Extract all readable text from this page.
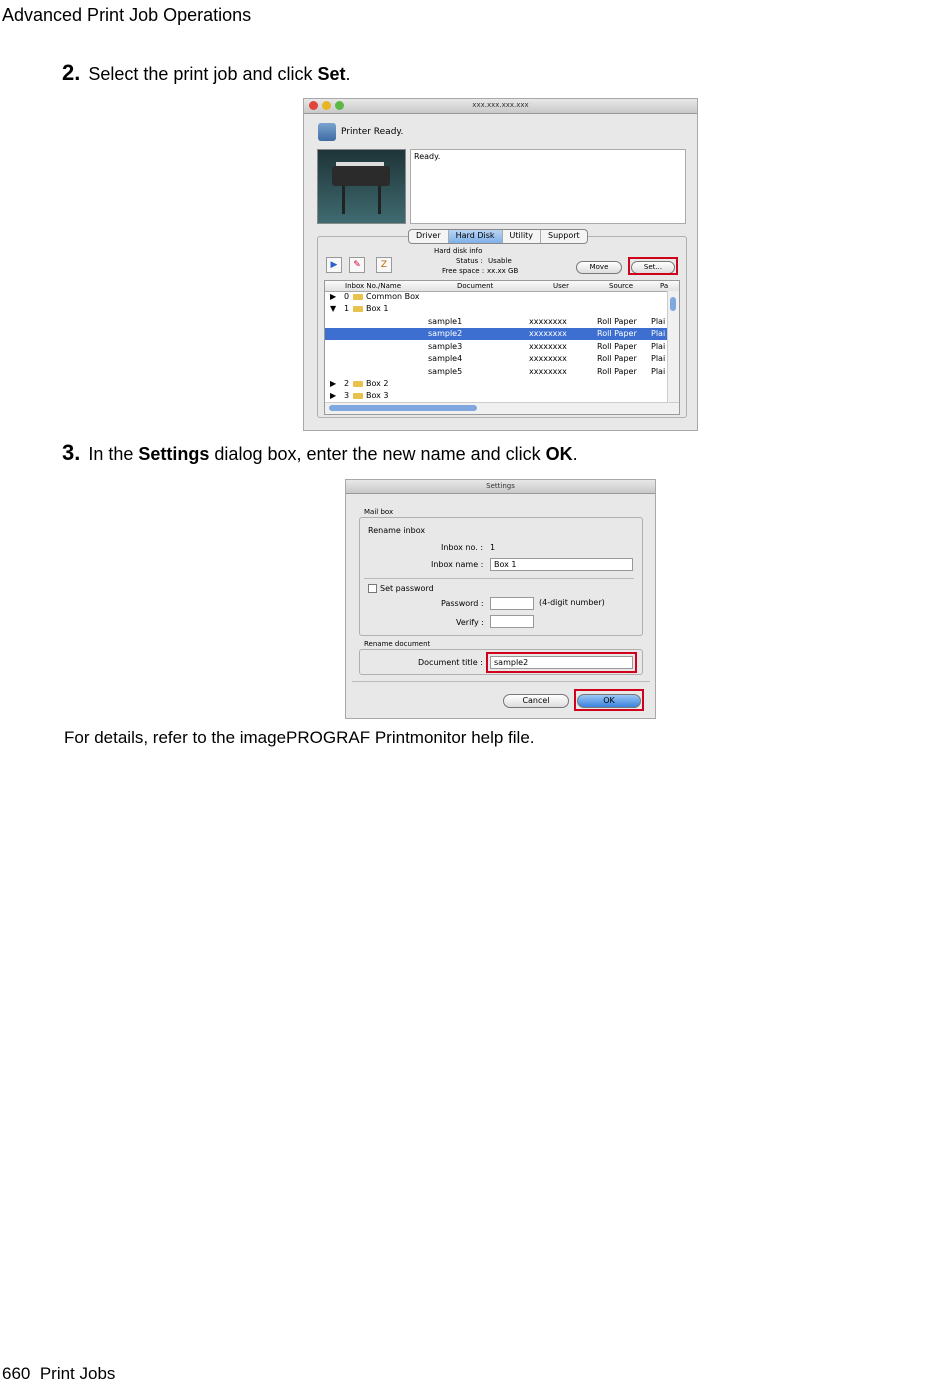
Advanced Print Job Operations
2. Select the print job and click Set.
xxx.xxx.xxx.xxx
Printer Ready.
Ready.
Driver	Hard Disk	Utility	Support
▶	✎	Z
Hard disk info
Status : Usable
Free space : xx.xx GB	Move	Set...
Inbox No./Name	Document	User	Source	Pa
▶ 0	Common Box
▼ 1	Box 1
sample1	xxxxxxxx	Roll Paper Plai
sample2	xxxxxxxx	Roll Paper Plai
sample3	xxxxxxxx	Roll Paper Plai
sample4	xxxxxxxx	Roll Paper Plai
sample5	xxxxxxxx	Roll Paper Plai
▶ 2	Box 2
▶ 3	Box 3
3. In the Settings dialog box, enter the new name and click OK.
Settings
Mail box
Rename inbox
Inbox no. : 1
Inbox name :	Box 1
Set password
Password :	(4-digit number)
Verify :
Rename document
Document title :	sample2
Cancel	OK
For details, refer to the imagePROGRAF Printmonitor help file.
660 Print Jobs
